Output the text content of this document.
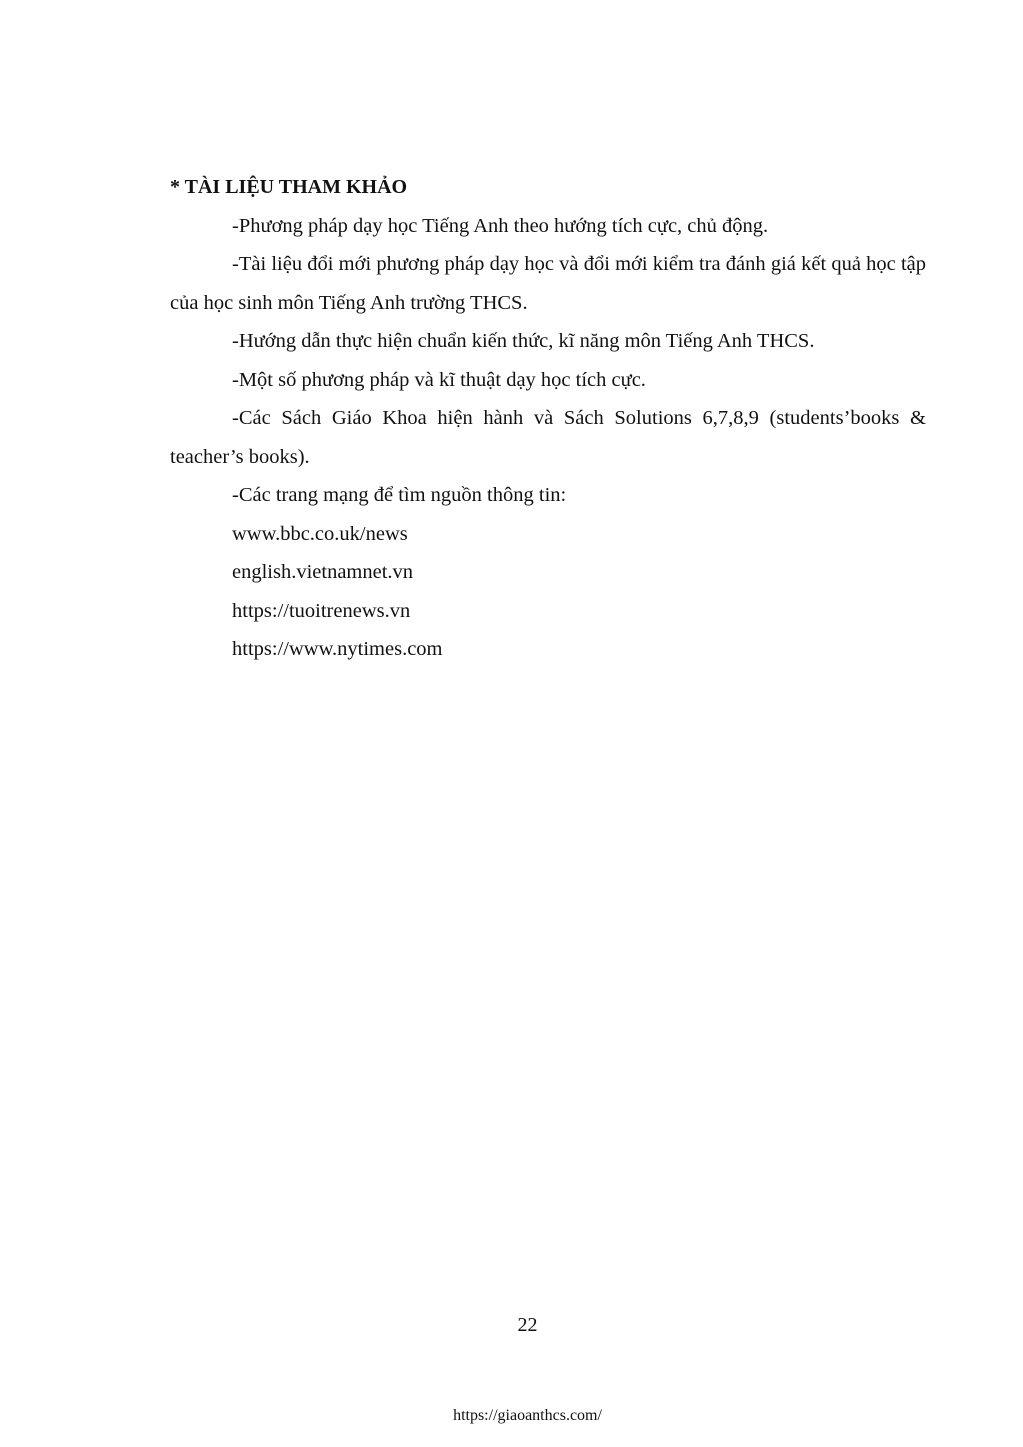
* TÀI LIỆU THAM KHẢO

-Phương pháp dạy học Tiếng Anh theo hướng tích cực, chủ động.

-Tài liệu đổi mới phương pháp dạy học và đổi mới kiểm tra đánh giá kết quả học tập của học sinh môn Tiếng Anh trường THCS.

-Hướng dẫn thực hiện chuẩn kiến thức, kĩ năng môn Tiếng Anh THCS.

-Một số phương pháp và kĩ thuật dạy học tích cực.

-Các Sách Giáo Khoa hiện hành và Sách Solutions 6,7,8,9 (students’books & teacher’s books).

-Các trang mạng để tìm nguồn thông tin:

www.bbc.co.uk/news

english.vietnamnet.vn

https://tuoitrenews.vn

https://www.nytimes.com

22
https://giaoanthcs.com/
